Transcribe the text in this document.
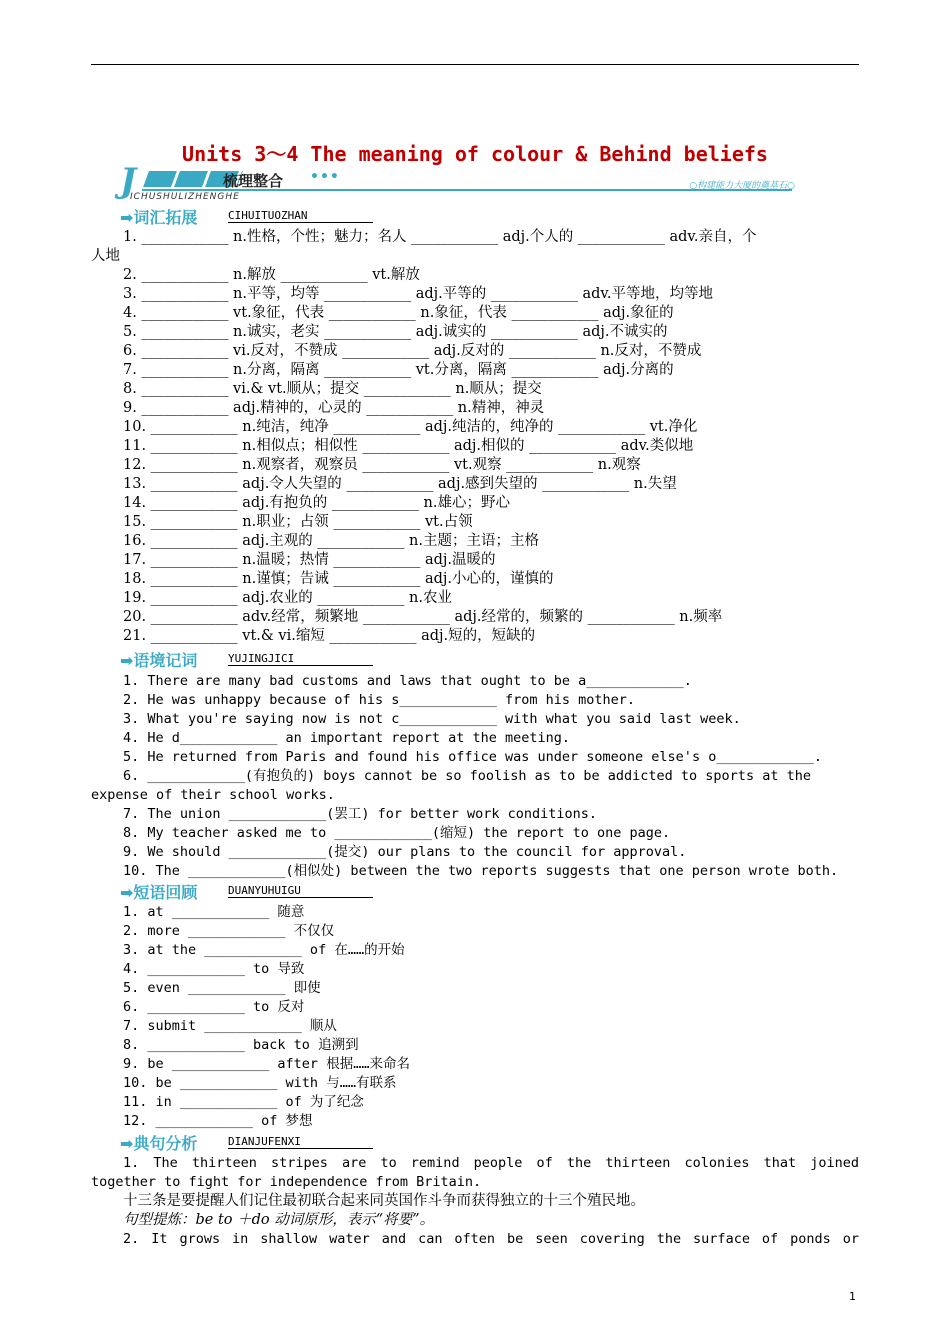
Units 3～4 The meaning of colour & Behind beliefs
J	梳理整合 •••
ICHUSHULIZHENGHE
○构建能力大厦的奠基石○
➡词汇拓展	CIHUITUOZHAN
1. ____________ n.性格，个性；魅力；名人 ____________ adj.个人的 ____________ adv.亲自，个
人地
2. ____________ n.解放 ____________ vt.解放
3. ____________ n.平等，均等 ____________ adj.平等的 ____________ adv.平等地，均等地
4. ____________ vt.象征，代表 ____________ n.象征，代表 ____________ adj.象征的
5. ____________ n.诚实，老实 ____________ adj.诚实的 ____________ adj.不诚实的
6. ____________ vi.反对，不赞成 ____________ adj.反对的 ____________ n.反对，不赞成
7. ____________ n.分离，隔离 ____________ vt.分离，隔离 ____________ adj.分离的
8. ____________ vi.& vt.顺从；提交 ____________ n.顺从；提交
9. ____________ adj.精神的，心灵的 ____________ n.精神，神灵
10. ____________ n.纯洁，纯净 ____________ adj.纯洁的，纯净的 ____________ vt.净化
11. ____________ n.相似点；相似性 ____________ adj.相似的 ____________ adv.类似地
12. ____________ n.观察者，观察员 ____________ vt.观察 ____________ n.观察
13. ____________ adj.令人失望的 ____________ adj.感到失望的 ____________ n.失望
14. ____________ adj.有抱负的 ____________ n.雄心；野心
15. ____________ n.职业；占领 ____________ vt.占领
16. ____________ adj.主观的 ____________ n.主题；主语；主格
17. ____________ n.温暖；热情 ____________ adj.温暖的
18. ____________ n.谨慎；告诫 ____________ adj.小心的，谨慎的
19. ____________ adj.农业的 ____________ n.农业
20. ____________ adv.经常，频繁地 ____________ adj.经常的，频繁的 ____________ n.频率
21. ____________ vt.& vi.缩短 ____________ adj.短的，短缺的
➡语境记词	YUJINGJICI
1. There are many bad customs and laws that ought to be a____________.
2. He was unhappy because of his s____________ from his mother.
3. What you're saying now is not c____________ with what you said last week.
4. He d____________ an important report at the meeting.
5. He returned from Paris and found his office was under someone else's o____________.
6. ____________(有抱负的) boys cannot be so foolish as to be addicted to sports at the
expense of their school works.
7. The union ____________(罢工) for better work conditions.
8. My teacher asked me to ____________(缩短) the report to one page.
9. We should ____________(提交) our plans to the council for approval.
10. The ____________(相似处) between the two reports suggests that one person wrote both.
➡短语回顾	DUANYUHUIGU
1. at ____________ 随意
2. more ____________ 不仅仅
3. at the ____________ of 在……的开始
4. ____________ to 导致
5. even ____________ 即使
6. ____________ to 反对
7. submit ____________ 顺从
8. ____________ back to 追溯到
9. be ____________ after 根据……来命名
10. be ____________ with 与……有联系
11. in ____________ of 为了纪念
12. ____________ of 梦想
➡典句分析	DIANJUFENXI
1. The thirteen stripes are to remind people of the thirteen colonies that joined
together to fight for independence from Britain.
十三条是要提醒人们记住最初联合起来同英国作斗争而获得独立的十三个殖民地。
句型提炼：be to ＋do 动词原形，表示“将要”。
2. It grows in shallow water and can often be seen covering the surface of ponds or
1
